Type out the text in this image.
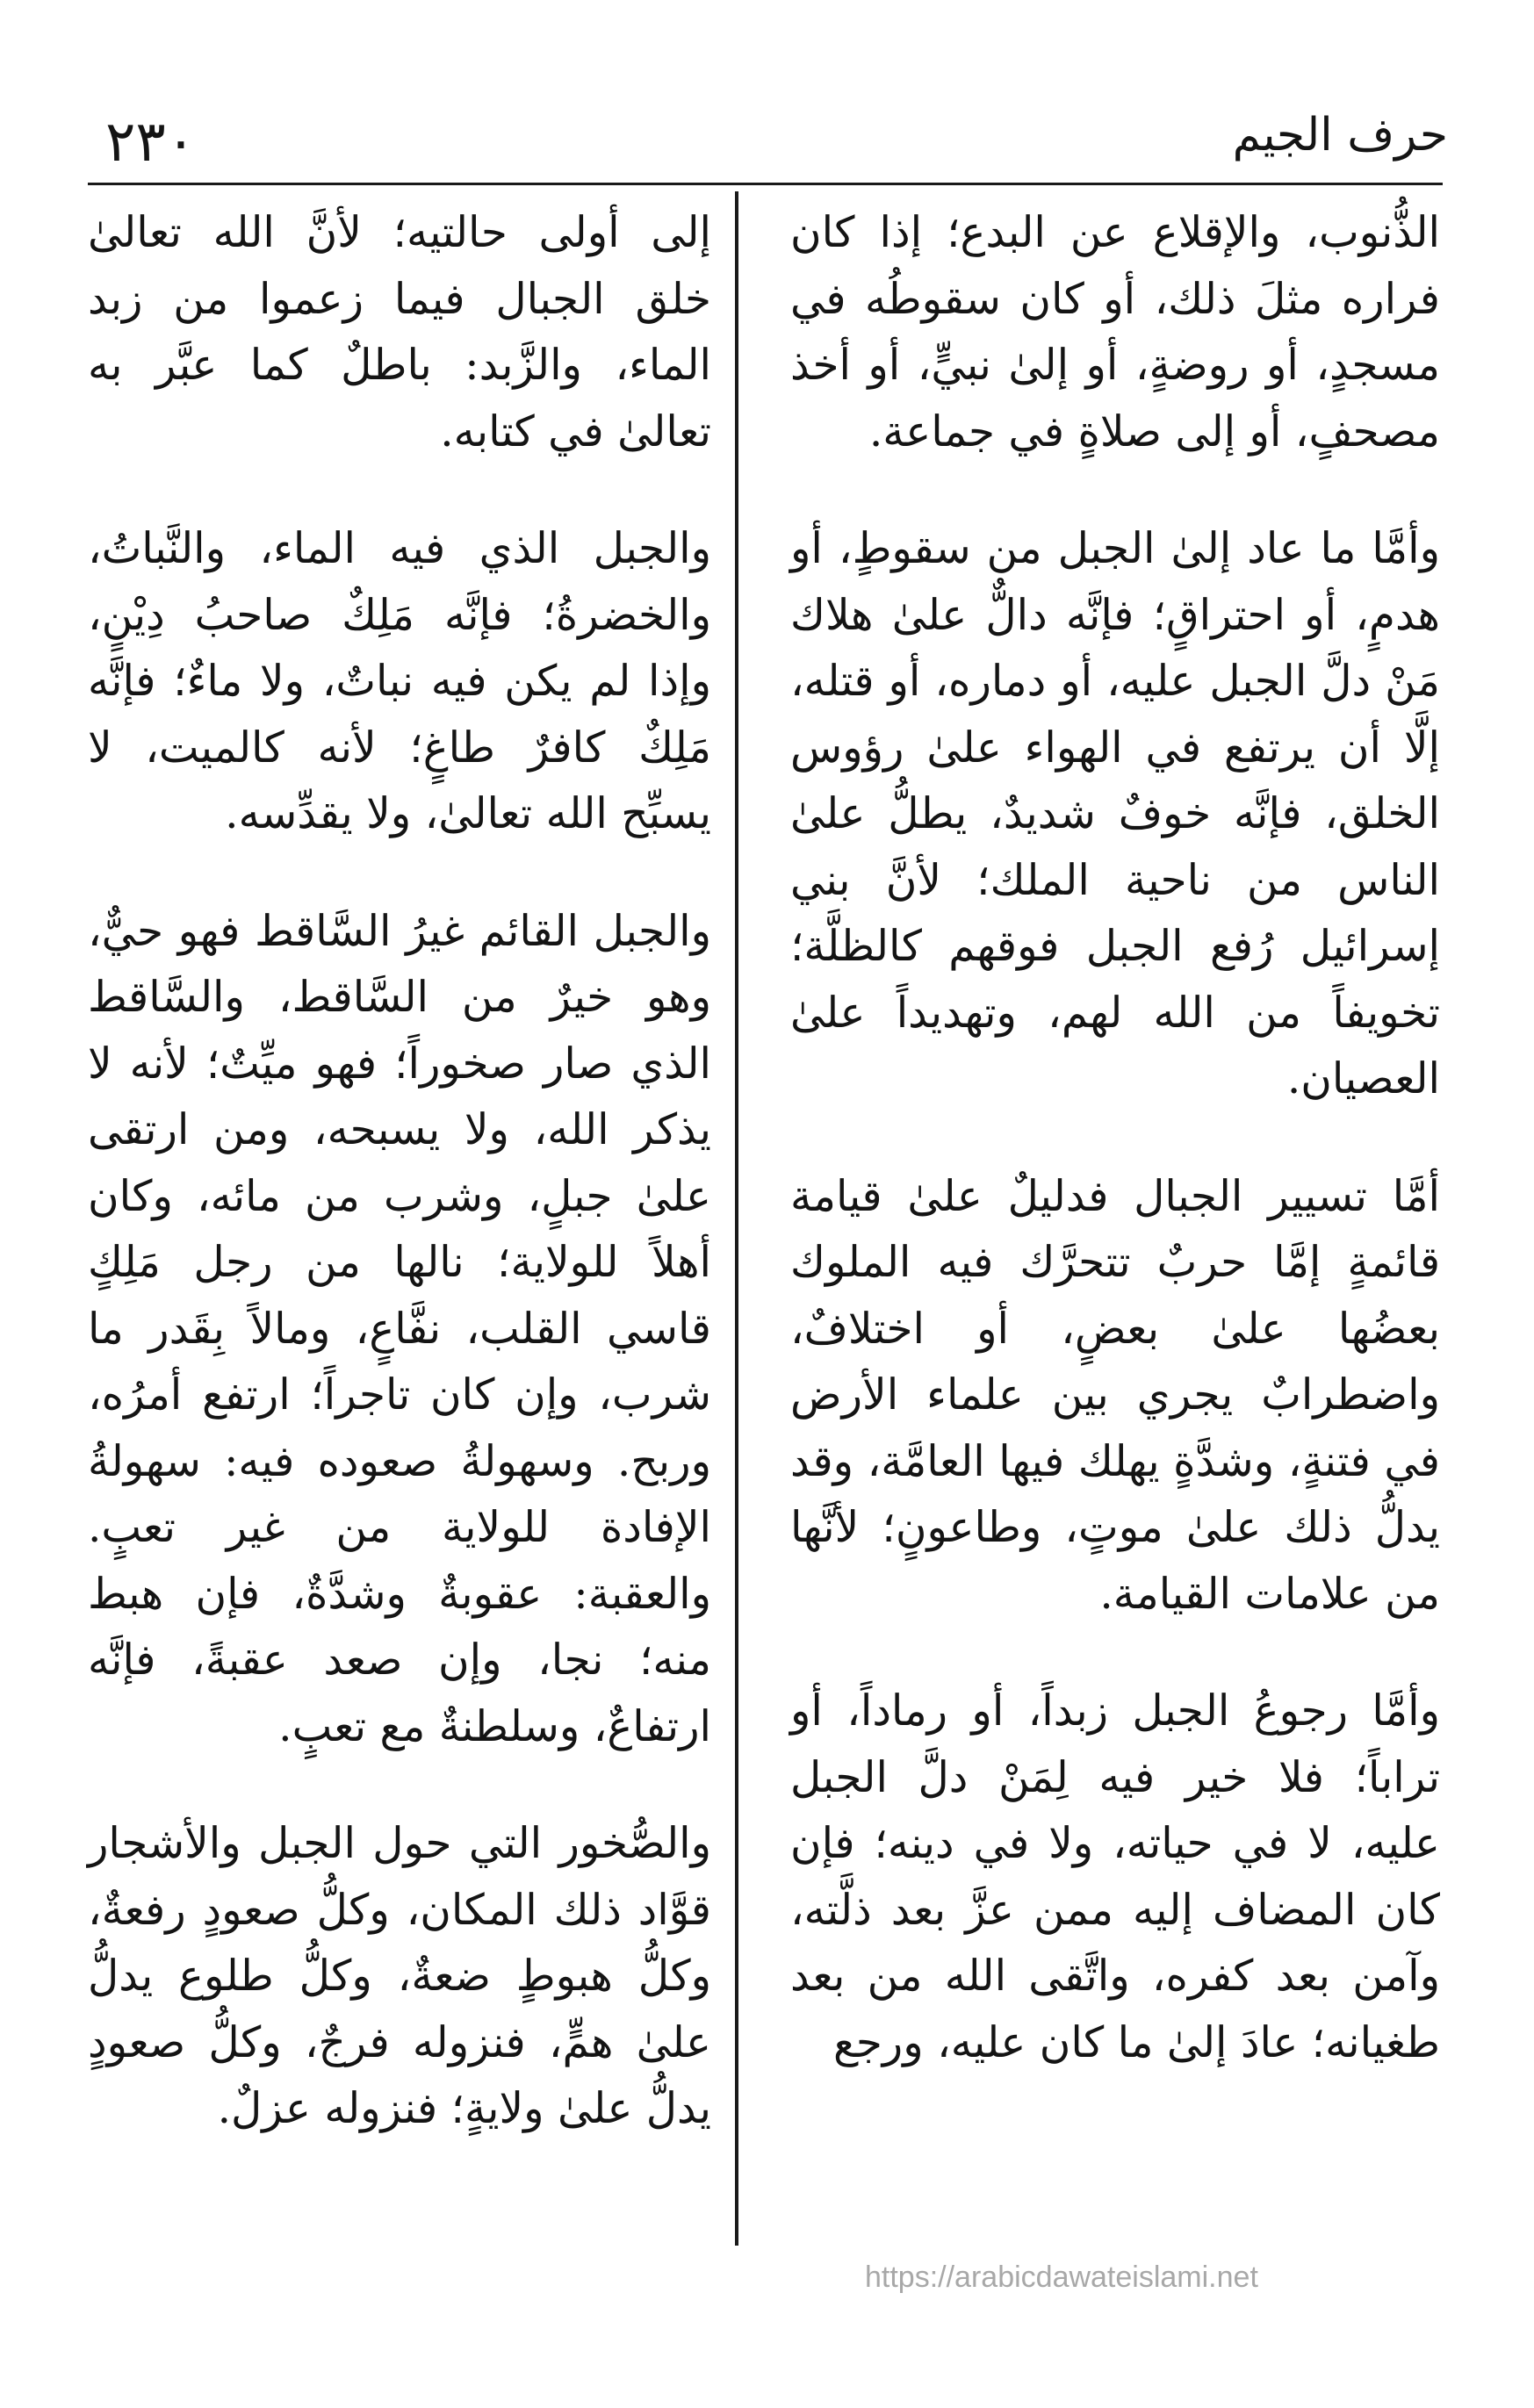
٢٣٠	حرف الجيم

الذُّنوب، والإقلاع عن البدع؛ إذا كان فراره مثلَ ذلك، أو كان سقوطُه في مسجدٍ، أو روضةٍ، أو إلىٰ نبيٍّ، أو أخذ مصحفٍ، أو إلى صلاةٍ في جماعة.

وأمَّا ما عاد إلىٰ الجبل من سقوطٍ، أو هدمٍ، أو احتراقٍ؛ فإنَّه دالٌّ علىٰ هلاك مَنْ دلَّ الجبل عليه، أو دماره، أو قتله، إلَّا أن يرتفع في الهواء علىٰ رؤوس الخلق، فإنَّه خوفٌ شديدٌ، يطلُّ علىٰ الناس من ناحية الملك؛ لأنَّ بني إسرائيل رُفع الجبل فوقهم كالظلَّة؛ تخويفاً من الله لهم، وتهديداً علىٰ العصيان.

أمَّا تسيير الجبال فدليلٌ علىٰ قيامة قائمةٍ إمَّا حربٌ تتحرَّك فيه الملوك بعضُها علىٰ بعضٍ، أو اختلافٌ، واضطرابٌ يجري بين علماء الأرض في فتنةٍ، وشدَّةٍ يهلك فيها العامَّة، وقد يدلُّ ذلك علىٰ موتٍ، وطاعونٍ؛ لأنَّها من علامات القيامة.

وأمَّا رجوعُ الجبل زبداً، أو رماداً، أو تراباً؛ فلا خير فيه لِمَنْ دلَّ الجبل عليه، لا في حياته، ولا في دينه؛ فإن كان المضاف إليه ممن عزَّ بعد ذلَّته، وآمن بعد كفره، واتَّقى الله من بعد طغيانه؛ عادَ إلىٰ ما كان عليه، ورجع

إلى أولى حالتيه؛ لأنَّ الله تعالىٰ خلق الجبال فيما زعموا من زبد الماء، والزَّبد: باطلٌ كما عبَّر به تعالىٰ في كتابه.

والجبل الذي فيه الماء، والنَّباتُ، والخضرةُ؛ فإنَّه مَلِكٌ صاحبُ دِيْنٍ، وإذا لم يكن فيه نباتٌ، ولا ماءٌ؛ فإنَّه مَلِكٌ كافرٌ طاغٍ؛ لأنه كالميت، لا يسبِّح الله تعالىٰ، ولا يقدِّسه.

والجبل القائم غيرُ السَّاقط فهو حيٌّ، وهو خيرٌ من السَّاقط، والسَّاقط الذي صار صخوراً؛ فهو ميِّتٌ؛ لأنه لا يذكر الله، ولا يسبحه، ومن ارتقى علىٰ جبلٍ، وشرب من مائه، وكان أهلاً للولاية؛ نالها من رجل مَلِكٍ قاسي القلب، نفَّاعٍ، ومالاً بِقَدر ما شرب، وإن كان تاجراً؛ ارتفع أمرُه، وربح. وسهولةُ صعوده فيه: سهولةُ الإفادة للولاية من غير تعبٍ. والعقبة: عقوبةٌ وشدَّةٌ، فإن هبط منه؛ نجا، وإن صعد عقبةً، فإنَّه ارتفاعٌ، وسلطنةٌ مع تعبٍ.

والصُّخور التي حول الجبل والأشجار قوَّاد ذلك المكان، وكلُّ صعودٍ رفعةٌ، وكلُّ هبوطٍ ضعةٌ، وكلُّ طلوع يدلُّ علىٰ همٍّ، فنزوله فرجٌ، وكلُّ صعودٍ يدلُّ علىٰ ولايةٍ؛ فنزوله عزلٌ.

https://arabicdawateislami.net
